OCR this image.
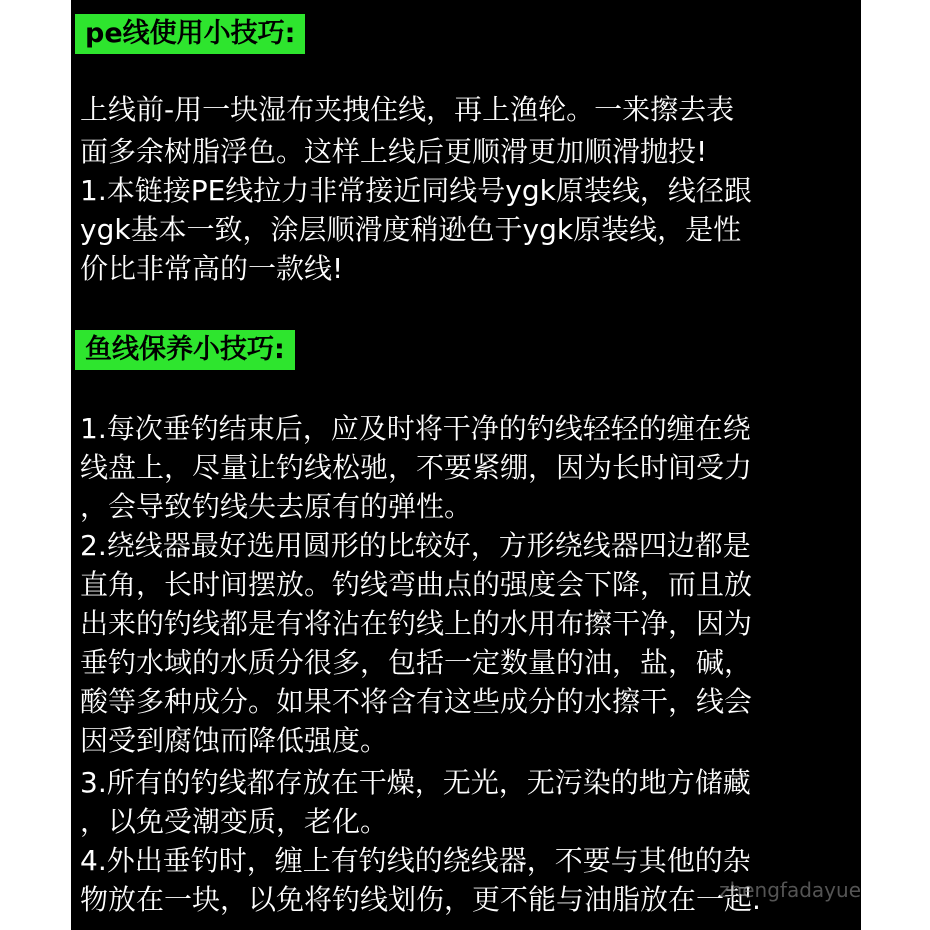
pe线使用小技巧:
上线前-用一块湿布夹拽住线，再上渔轮。一来擦去表
面多余树脂浮色。这样上线后更顺滑更加顺滑抛投!
1.本链接PE线拉力非常接近同线号ygk原装线，线径跟
ygk基本一致，涂层顺滑度稍逊色于ygk原装线，是性
价比非常高的一款线!
鱼线保养小技巧:
1.每次垂钓结束后，应及时将干净的钓线轻轻的缠在绕
线盘上，尽量让钓线松驰，不要紧绷，因为长时间受力
，会导致钓线失去原有的弹性。
2.绕线器最好选用圆形的比较好，方形绕线器四边都是
直角，长时间摆放。钓线弯曲点的强度会下降，而且放
出来的钓线都是有将沾在钓线上的水用布擦干净，因为
垂钓水域的水质分很多，包括一定数量的油，盐，碱，
酸等多种成分。如果不将含有这些成分的水擦干，线会
因受到腐蚀而降低强度。
3.所有的钓线都存放在干燥，无光，无污染的地方储藏
，以免受潮变质，老化。
4.外出垂钓时，缠上有钓线的绕线器，不要与其他的杂
物放在一块，以免将钓线划伤，更不能与油脂放在一起.
zhengfadayue
